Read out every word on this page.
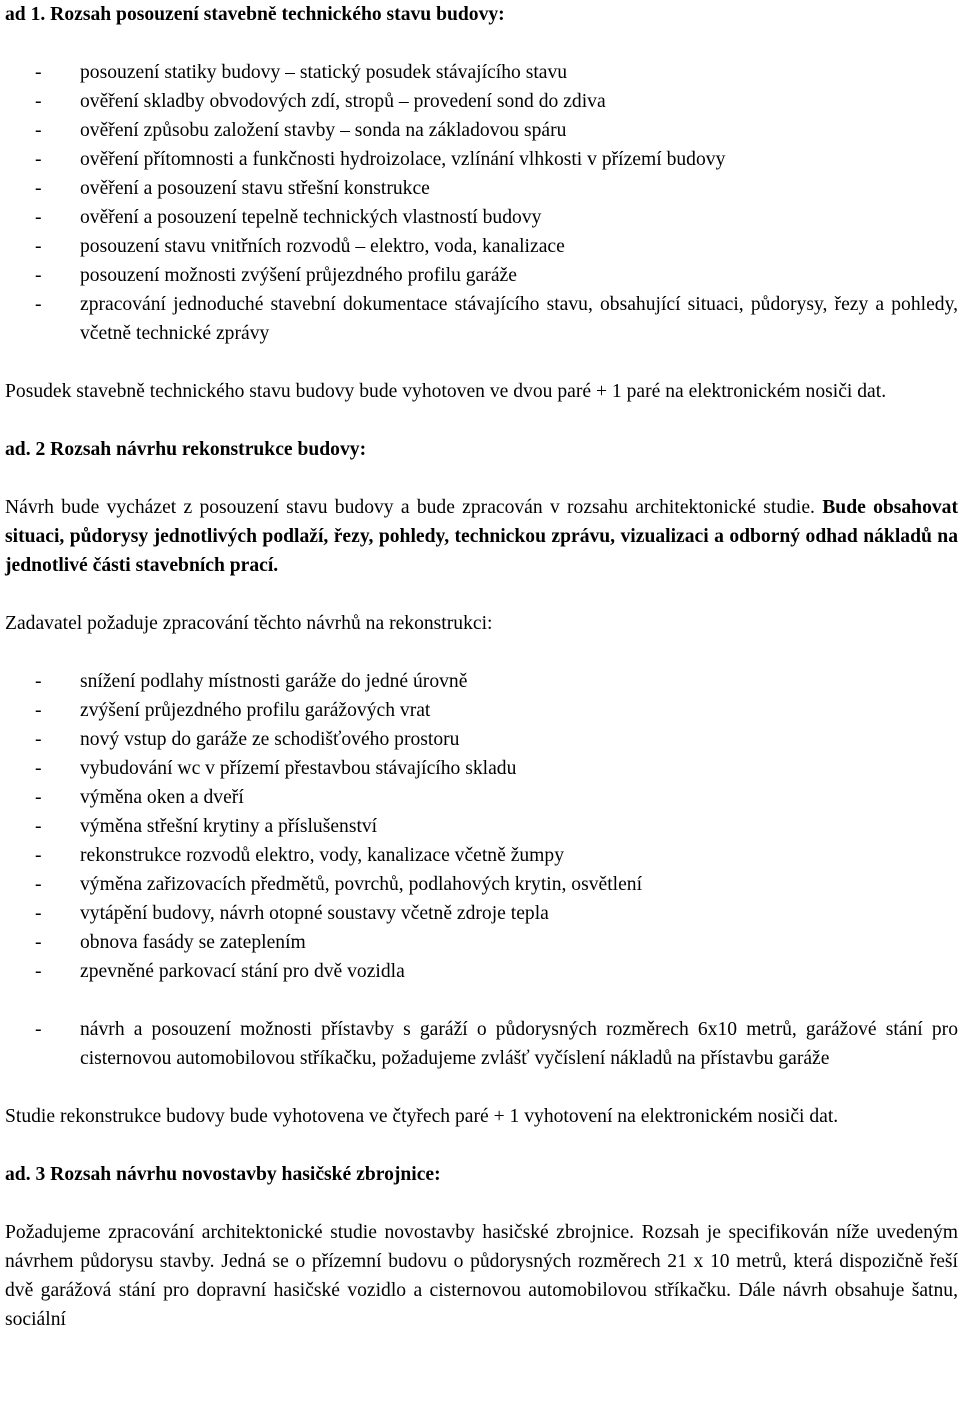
ad 1. Rozsah posouzení stavebně technického stavu budovy:
- posouzení statiky budovy – statický posudek stávajícího stavu
- ověření skladby obvodových zdí, stropů – provedení sond do zdiva
- ověření způsobu založení stavby – sonda na základovou spáru
- ověření přítomnosti a funkčnosti hydroizolace, vzlínání vlhkosti v přízemí budovy
- ověření a posouzení stavu střešní konstrukce
- ověření a posouzení tepelně technických vlastností budovy
- posouzení stavu vnitřních rozvodů – elektro, voda, kanalizace
- posouzení možnosti zvýšení průjezdného profilu garáže
- zpracování jednoduché stavební dokumentace stávajícího stavu, obsahující situaci, půdorysy, řezy a pohledy, včetně technické zprávy

Posudek stavebně technického stavu budovy bude vyhotoven ve dvou paré + 1 paré na elektronickém nosiči dat.

ad. 2 Rozsah návrhu rekonstrukce budovy:

Návrh bude vycházet z posouzení stavu budovy a bude zpracován v rozsahu architektonické studie. Bude obsahovat situaci, půdorysy jednotlivých podlaží, řezy, pohledy, technickou zprávu, vizualizaci a odborný odhad nákladů na jednotlivé části stavebních prací.

Zadavatel požaduje zpracování těchto návrhů na rekonstrukci:

- snížení podlahy místnosti garáže do jedné úrovně
- zvýšení průjezdného profilu garážových vrat
- nový vstup do garáže ze schodišťového prostoru
- vybudování wc v přízemí přestavbou stávajícího skladu
- výměna oken a dveří
- výměna střešní krytiny a příslušenství
- rekonstrukce rozvodů elektro, vody, kanalizace včetně žumpy
- výměna zařizovacích předmětů, povrchů, podlahových krytin, osvětlení
- vytápění budovy, návrh otopné soustavy včetně zdroje tepla
- obnova fasády se zateplením
- zpevněné parkovací stání pro dvě vozidla
- návrh a posouzení možnosti přístavby s garáží o půdorysných rozměrech 6x10 metrů, garážové stání pro cisternovou automobilovou stříkačku, požadujeme zvlášť vyčíslení nákladů na přístavbu garáže

Studie rekonstrukce budovy bude vyhotovena ve čtyřech paré + 1 vyhotovení na elektronickém nosiči dat.

ad. 3 Rozsah návrhu novostavby hasičské zbrojnice:

Požadujeme zpracování architektonické studie novostavby hasičské zbrojnice. Rozsah je specifikován níže uvedeným návrhem půdorysu stavby. Jedná se o přízemní budovu o půdorysných rozměrech 21 x 10 metrů, která dispozičně řeší dvě garážová stání pro dopravní hasičské vozidlo a cisternovou automobilovou stříkačku. Dále návrh obsahuje šatnu, sociální
